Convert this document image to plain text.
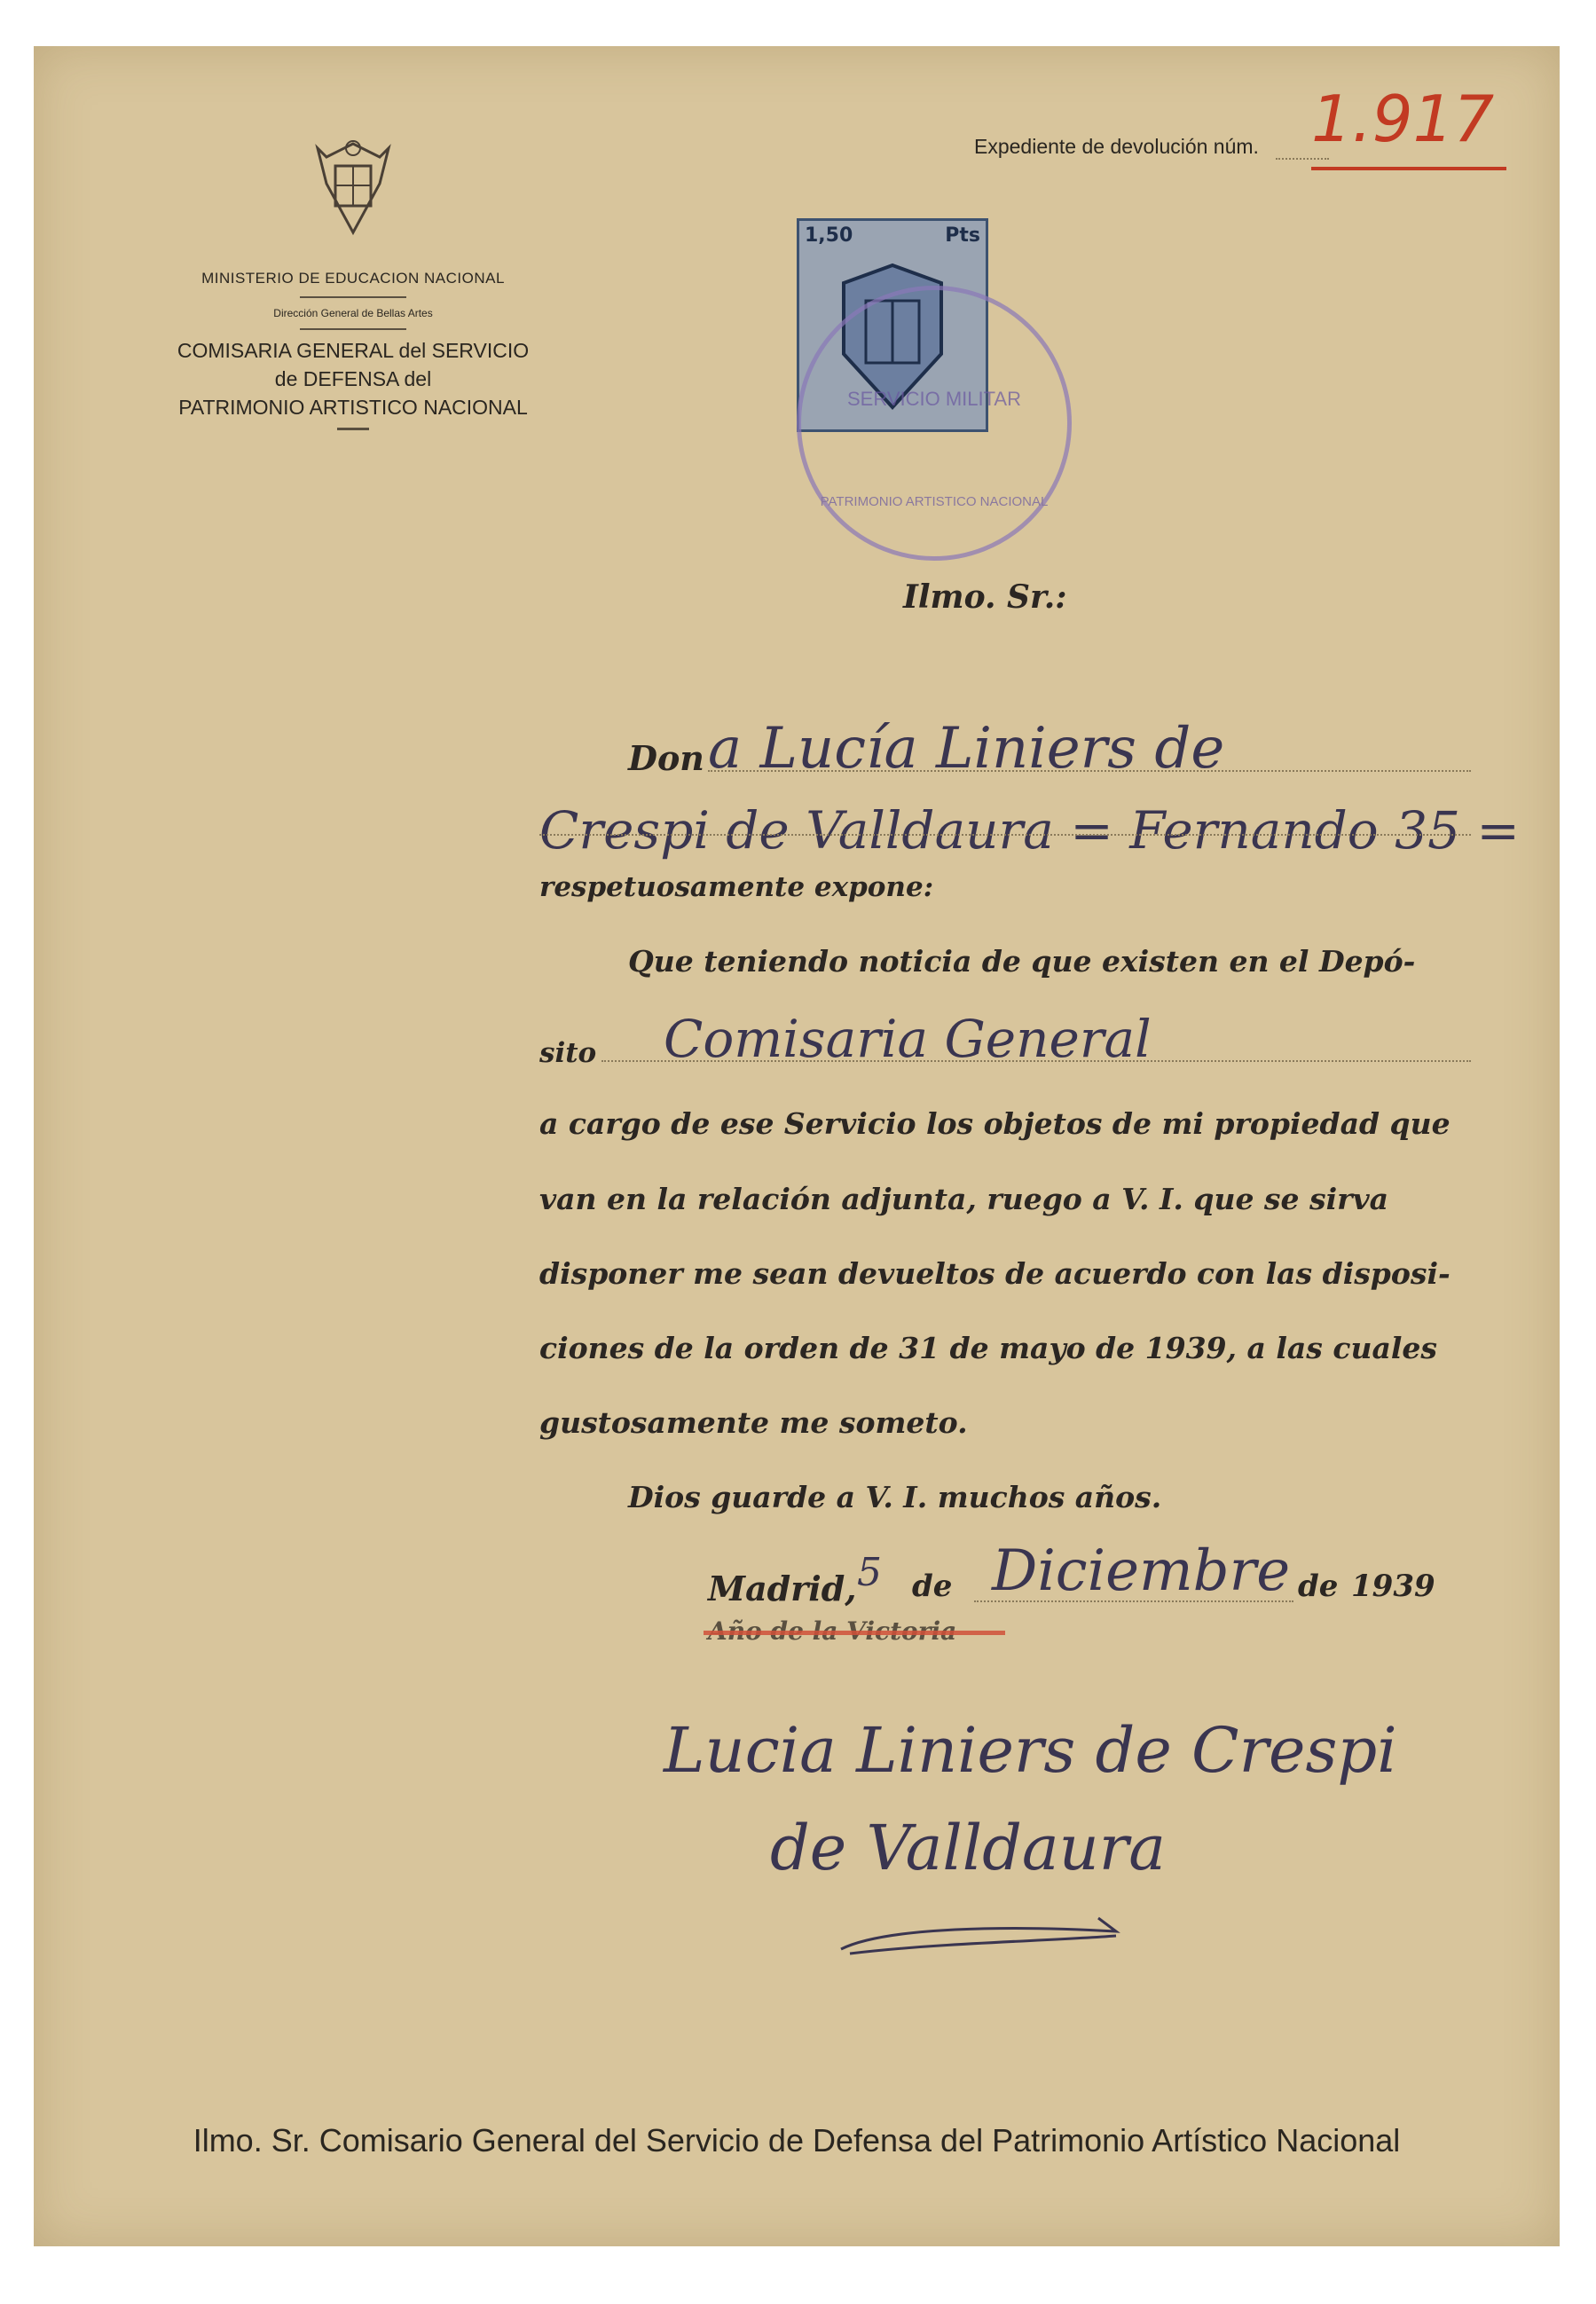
MINISTERIO DE EDUCACION NACIONAL
Dirección General de Bellas Artes
COMISARIA GENERAL del SERVICIO
de DEFENSA del
PATRIMONIO ARTISTICO NACIONAL
Expediente de devolución núm. 1.917
1,50	Pts
SERVICIO MILITAR
PATRIMONIO ARTISTICO NACIONAL
Ilmo. Sr.:
Don a Lucía Liniers de
Crespi de Valldaura = Fernando 35 =
respetuosamente expone:
Que teniendo noticia de que existen en el Depó-
sito Comisaria General
a cargo de ese Servicio los objetos de mi propiedad que
van en la relación adjunta, ruego a V. I. que se sirva
disponer me sean devueltos de acuerdo con las disposi-
ciones de la orden de 31 de mayo de 1939, a las cuales
gustosamente me someto.
Dios guarde a V. I. muchos años.
Madrid, 5 de Diciembre de 1939
Año de la Victoria
Lucia Liniers de Crespi
de Valldaura
Ilmo. Sr. Comisario General del Servicio de Defensa del Patrimonio Artístico Nacional
